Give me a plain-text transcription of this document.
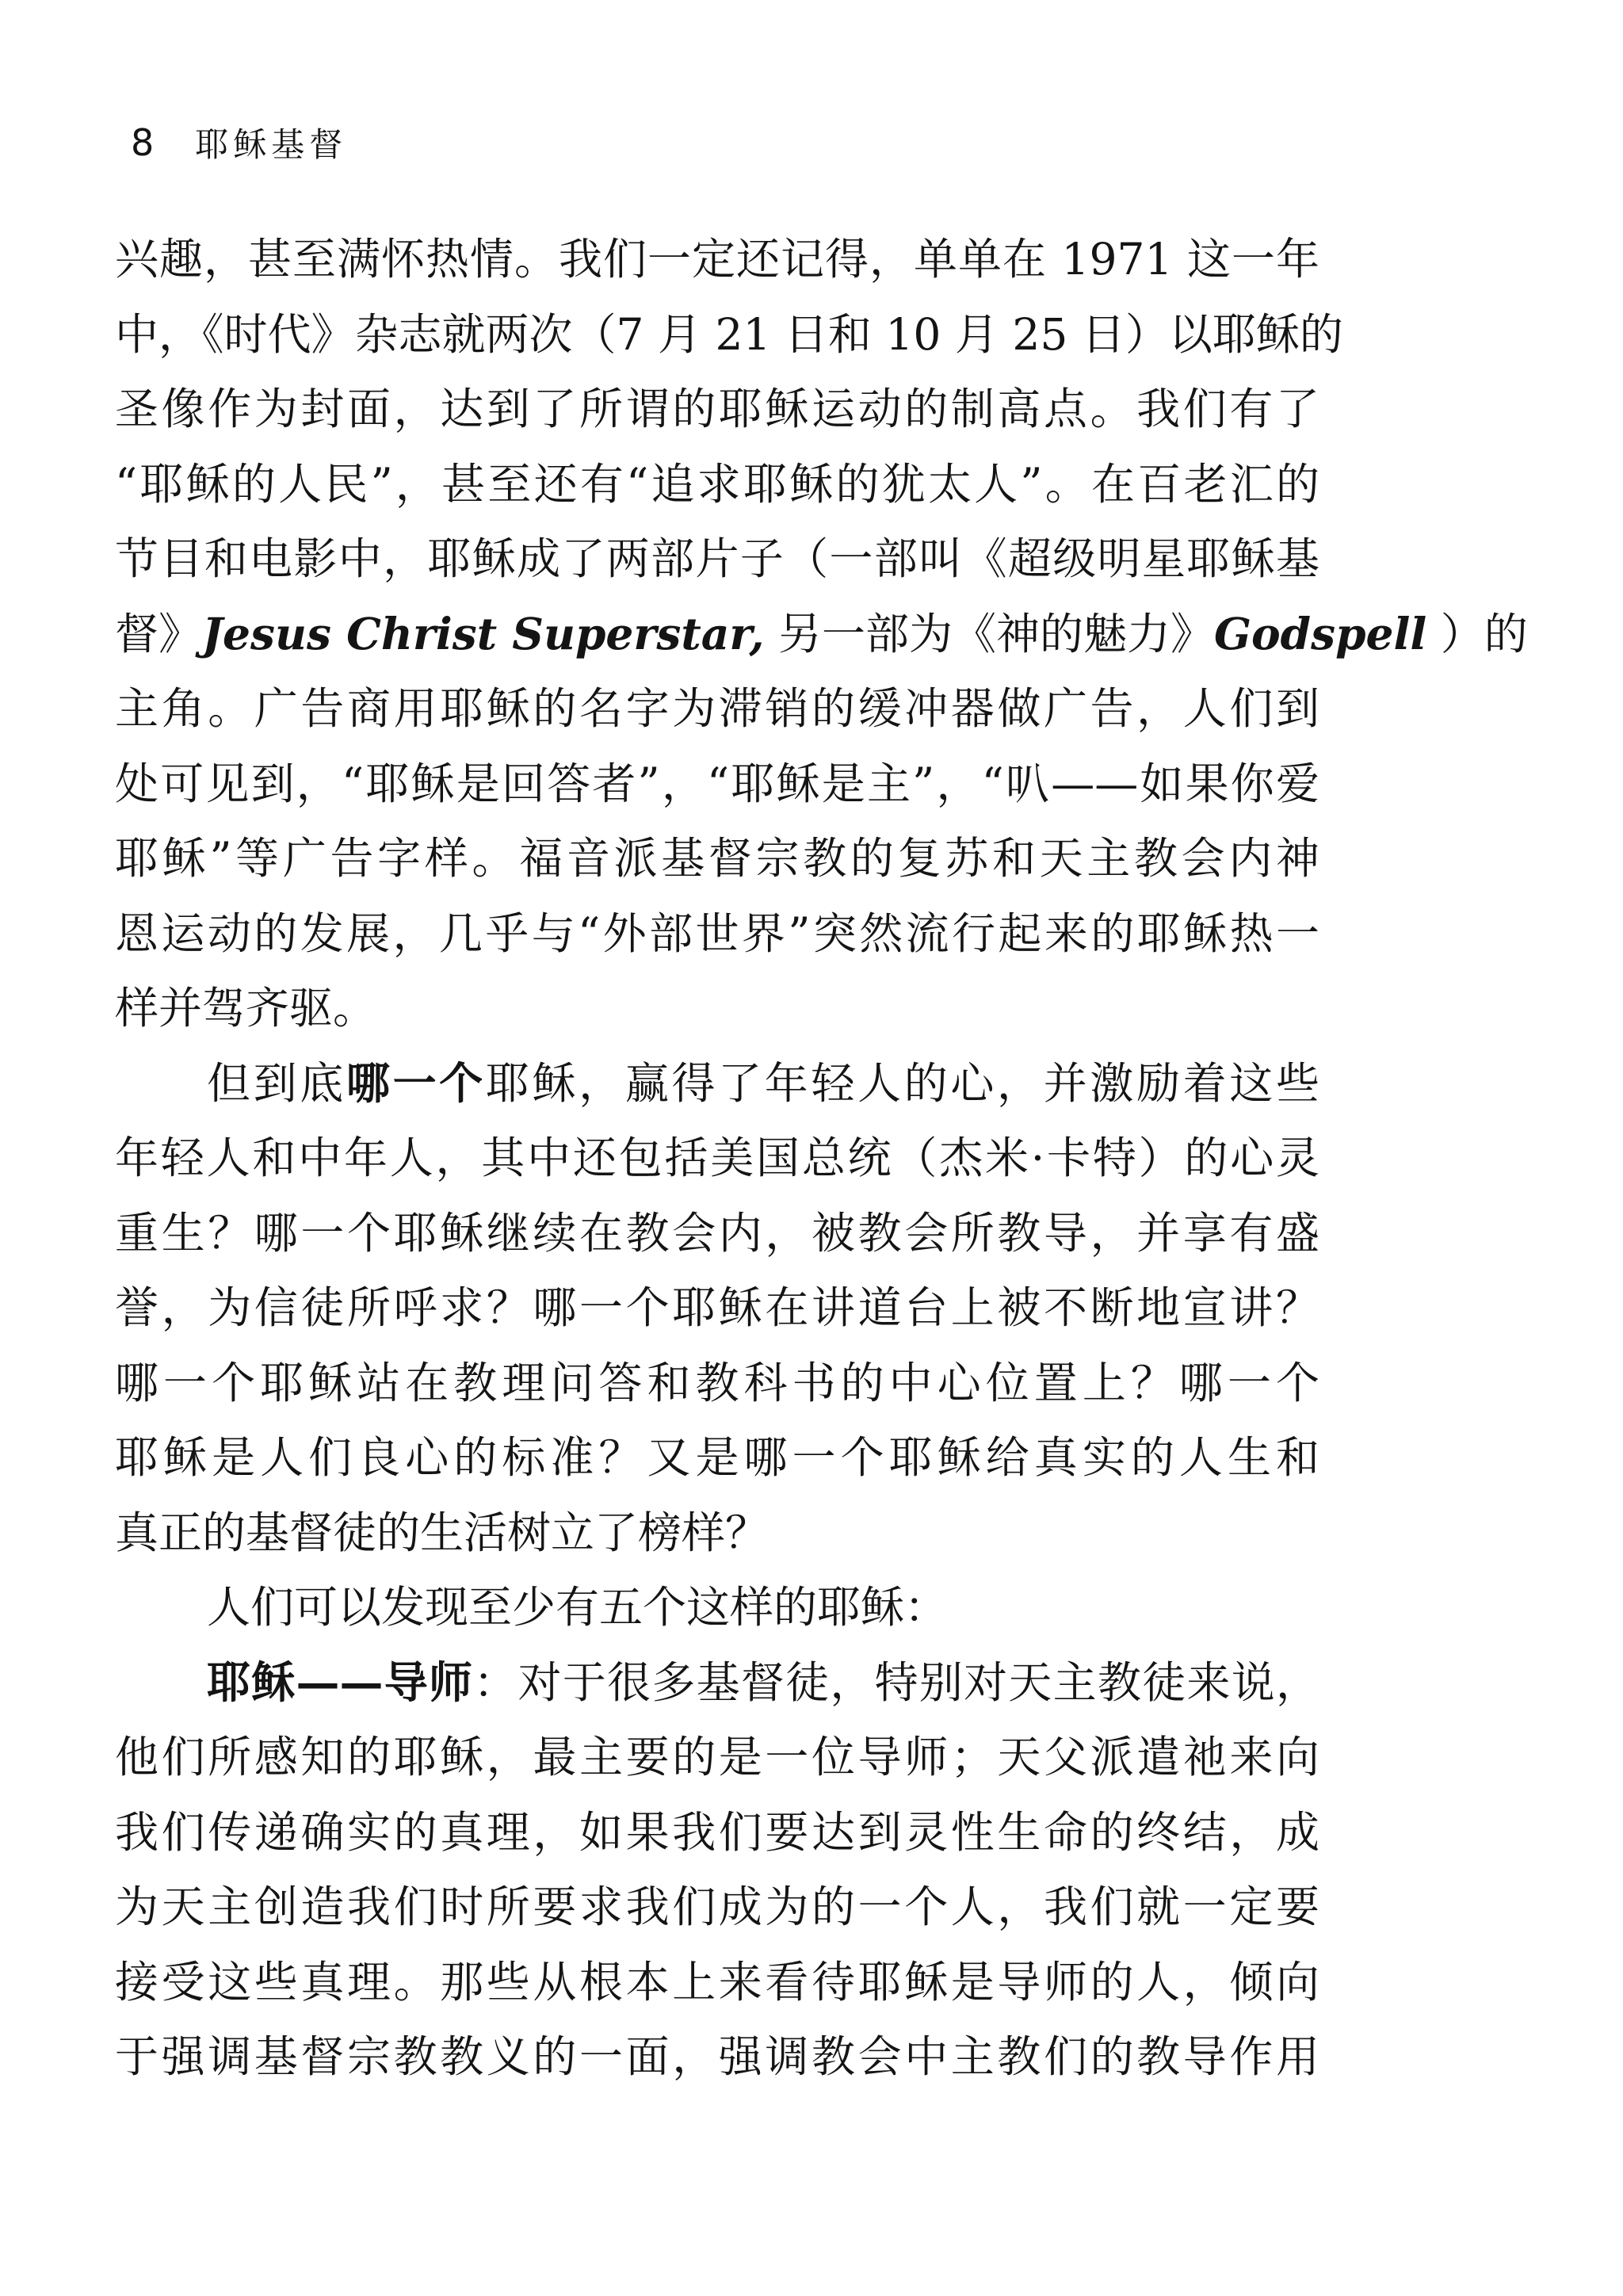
8 耶稣基督
兴趣，甚至满怀热情。我们一定还记得，单单在 1971 这一年
中，《时代》杂志就两次（7 月 21 日和 10 月 25 日）以耶稣的
圣像作为封面，达到了所谓的耶稣运动的制高点。我们有了
“耶稣的人民”，甚至还有“追求耶稣的犹太人”。在百老汇的
节目和电影中，耶稣成了两部片子（一部叫《超级明星耶稣基
督》Jesus Christ Superstar, 另一部为《神的魅力》Godspell ）的
主角。广告商用耶稣的名字为滞销的缓冲器做广告，人们到
处可见到，“耶稣是回答者”，“耶稣是主”，“叭——如果你爱
耶稣”等广告字样。福音派基督宗教的复苏和天主教会内神
恩运动的发展，几乎与“外部世界”突然流行起来的耶稣热一
样并驾齐驱。
但到底哪一个耶稣，赢得了年轻人的心，并激励着这些
年轻人和中年人，其中还包括美国总统（杰米·卡特）的心灵
重生？哪一个耶稣继续在教会内，被教会所教导，并享有盛
誉，为信徒所呼求？哪一个耶稣在讲道台上被不断地宣讲？
哪一个耶稣站在教理问答和教科书的中心位置上？哪一个
耶稣是人们良心的标准？又是哪一个耶稣给真实的人生和
真正的基督徒的生活树立了榜样？
人们可以发现至少有五个这样的耶稣：
耶稣——导师：对于很多基督徒，特别对天主教徒来说，
他们所感知的耶稣，最主要的是一位导师；天父派遣祂来向
我们传递确实的真理，如果我们要达到灵性生命的终结，成
为天主创造我们时所要求我们成为的一个人，我们就一定要
接受这些真理。那些从根本上来看待耶稣是导师的人，倾向
于强调基督宗教教义的一面，强调教会中主教们的教导作用
